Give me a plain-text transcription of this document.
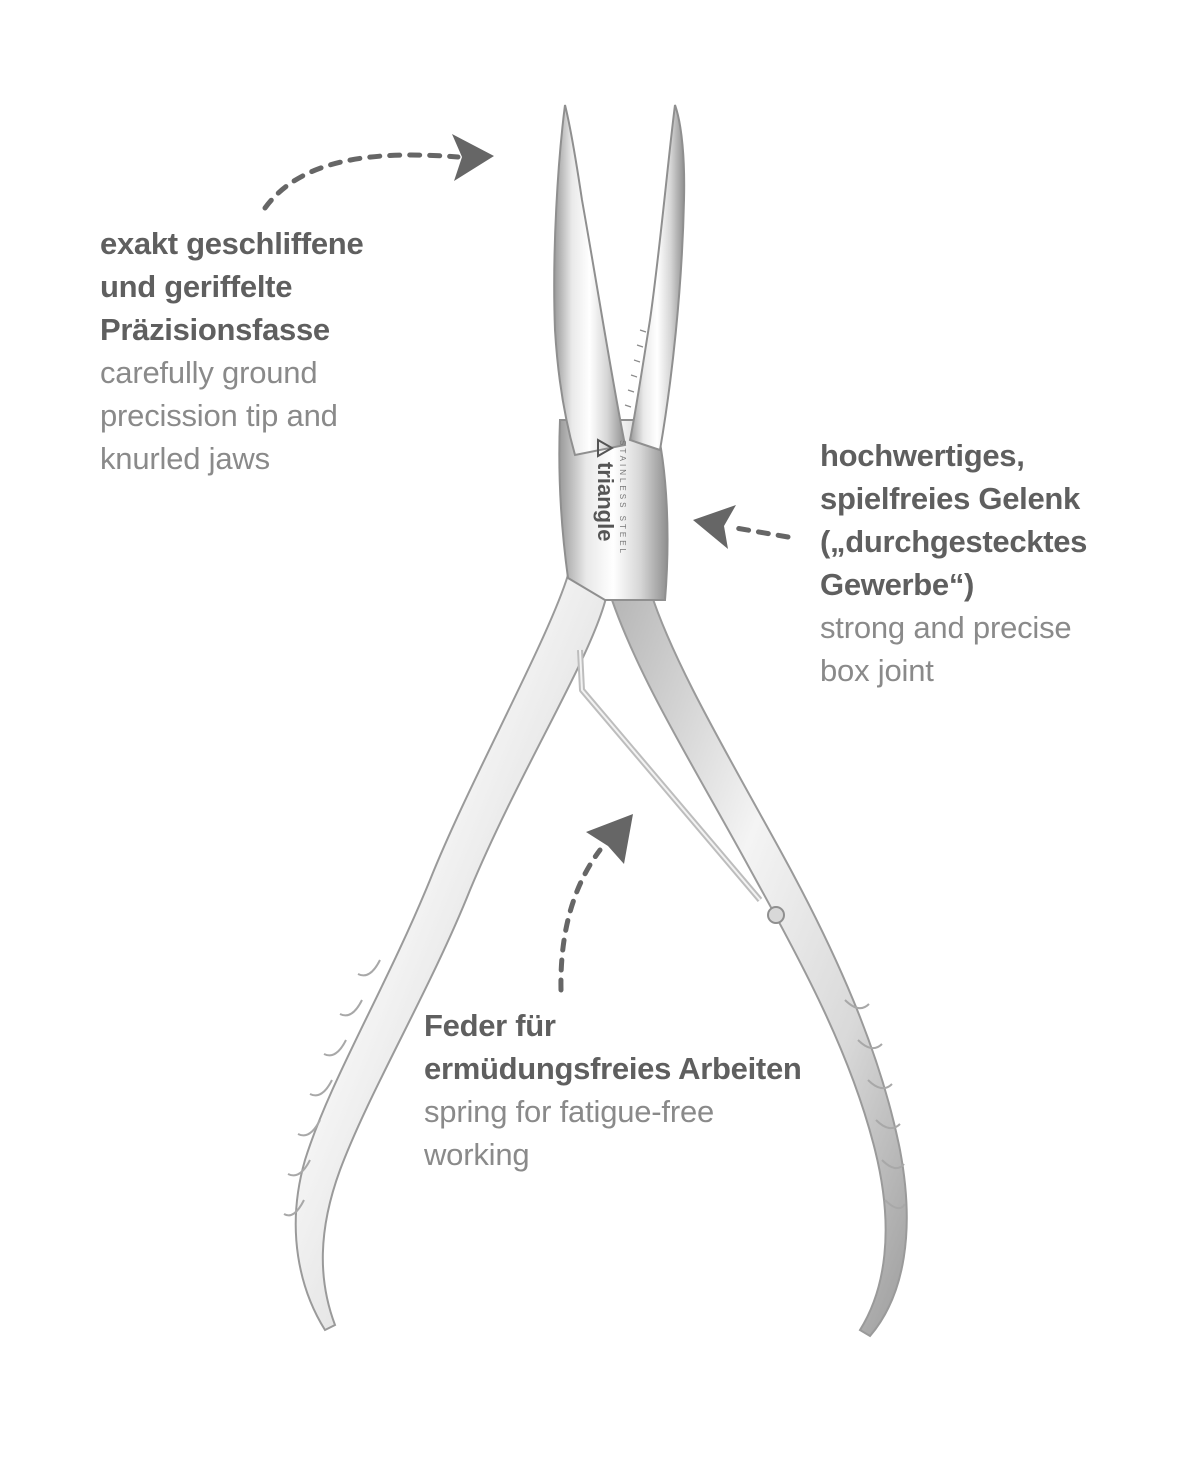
triangle STAINLESS STEEL
exakt geschliffene
und geriffelte
Präzisionsfasse
carefully ground
precission tip and
knurled jaws	hochwertiges,
spielfreies Gelenk
(„durchgestecktes
Gewerbe“)
strong and precise
box joint
Feder für
ermüdungsfreies Arbeiten
spring for fatigue-free
working
